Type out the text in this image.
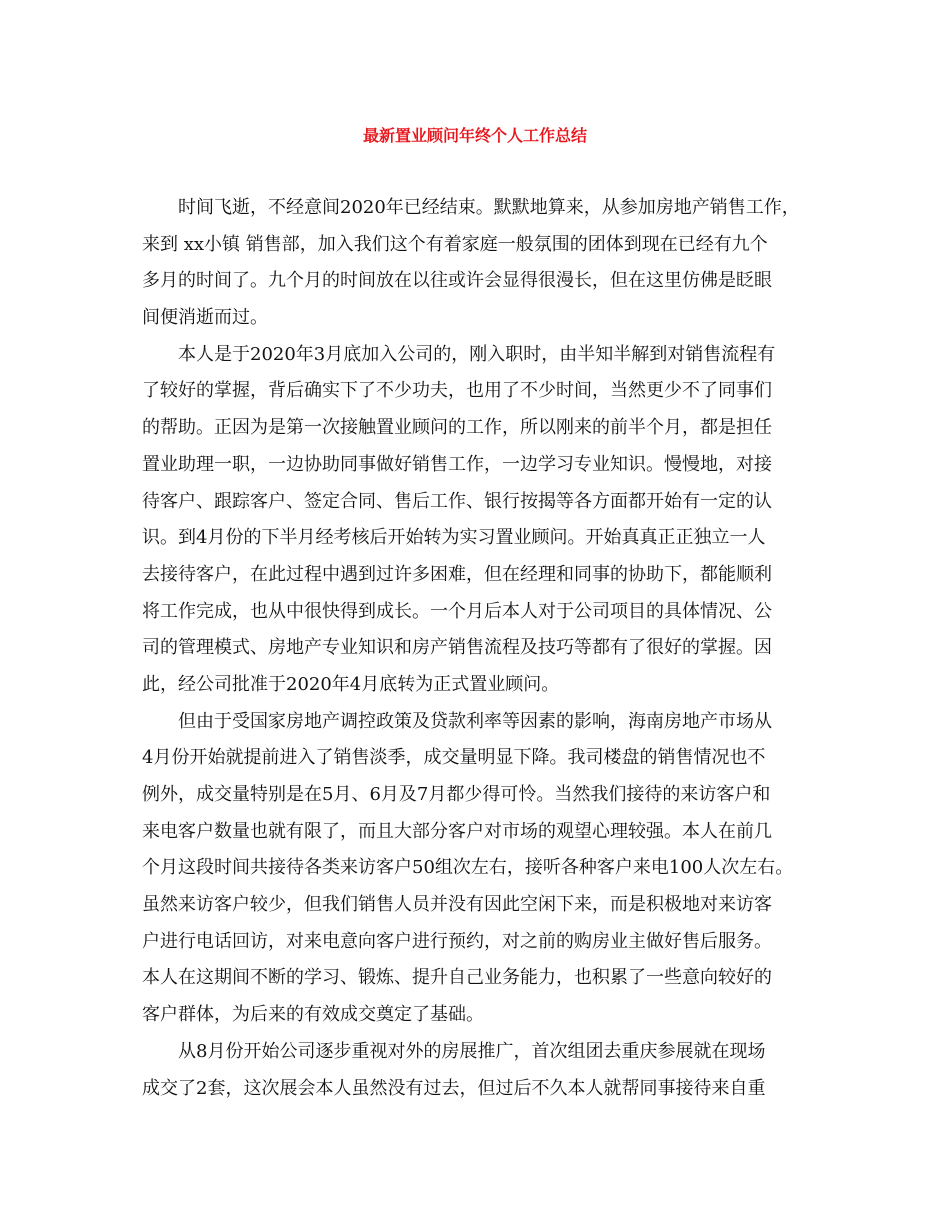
最新置业顾问年终个人工作总结
时间飞逝，不经意间2020年已经结束。默默地算来，从参加房地产销售工作，
来到 xx小镇 销售部，加入我们这个有着家庭一般氛围的团体到现在已经有九个
多月的时间了。九个月的时间放在以往或许会显得很漫长，但在这里仿佛是眨眼
间便消逝而过。
本人是于2020年3月底加入公司的，刚入职时，由半知半解到对销售流程有
了较好的掌握，背后确实下了不少功夫，也用了不少时间，当然更少不了同事们
的帮助。正因为是第一次接触置业顾问的工作，所以刚来的前半个月，都是担任
置业助理一职，一边协助同事做好销售工作，一边学习专业知识。慢慢地，对接
待客户、跟踪客户、签定合同、售后工作、银行按揭等各方面都开始有一定的认
识。到4月份的下半月经考核后开始转为实习置业顾问。开始真真正正独立一人
去接待客户，在此过程中遇到过许多困难，但在经理和同事的协助下，都能顺利
将工作完成，也从中很快得到成长。一个月后本人对于公司项目的具体情况、公
司的管理模式、房地产专业知识和房产销售流程及技巧等都有了很好的掌握。因
此，经公司批准于2020年4月底转为正式置业顾问。
但由于受国家房地产调控政策及贷款利率等因素的影响，海南房地产市场从
4月份开始就提前进入了销售淡季，成交量明显下降。我司楼盘的销售情况也不
例外，成交量特别是在5月、6月及7月都少得可怜。当然我们接待的来访客户和
来电客户数量也就有限了，而且大部分客户对市场的观望心理较强。本人在前几
个月这段时间共接待各类来访客户50组次左右，接听各种客户来电100人次左右。
虽然来访客户较少，但我们销售人员并没有因此空闲下来，而是积极地对来访客
户进行电话回访，对来电意向客户进行预约，对之前的购房业主做好售后服务。
本人在这期间不断的学习、锻炼、提升自己业务能力，也积累了一些意向较好的
客户群体，为后来的有效成交奠定了基础。
从8月份开始公司逐步重视对外的房展推广，首次组团去重庆参展就在现场
成交了2套，这次展会本人虽然没有过去，但过后不久本人就帮同事接待来自重
